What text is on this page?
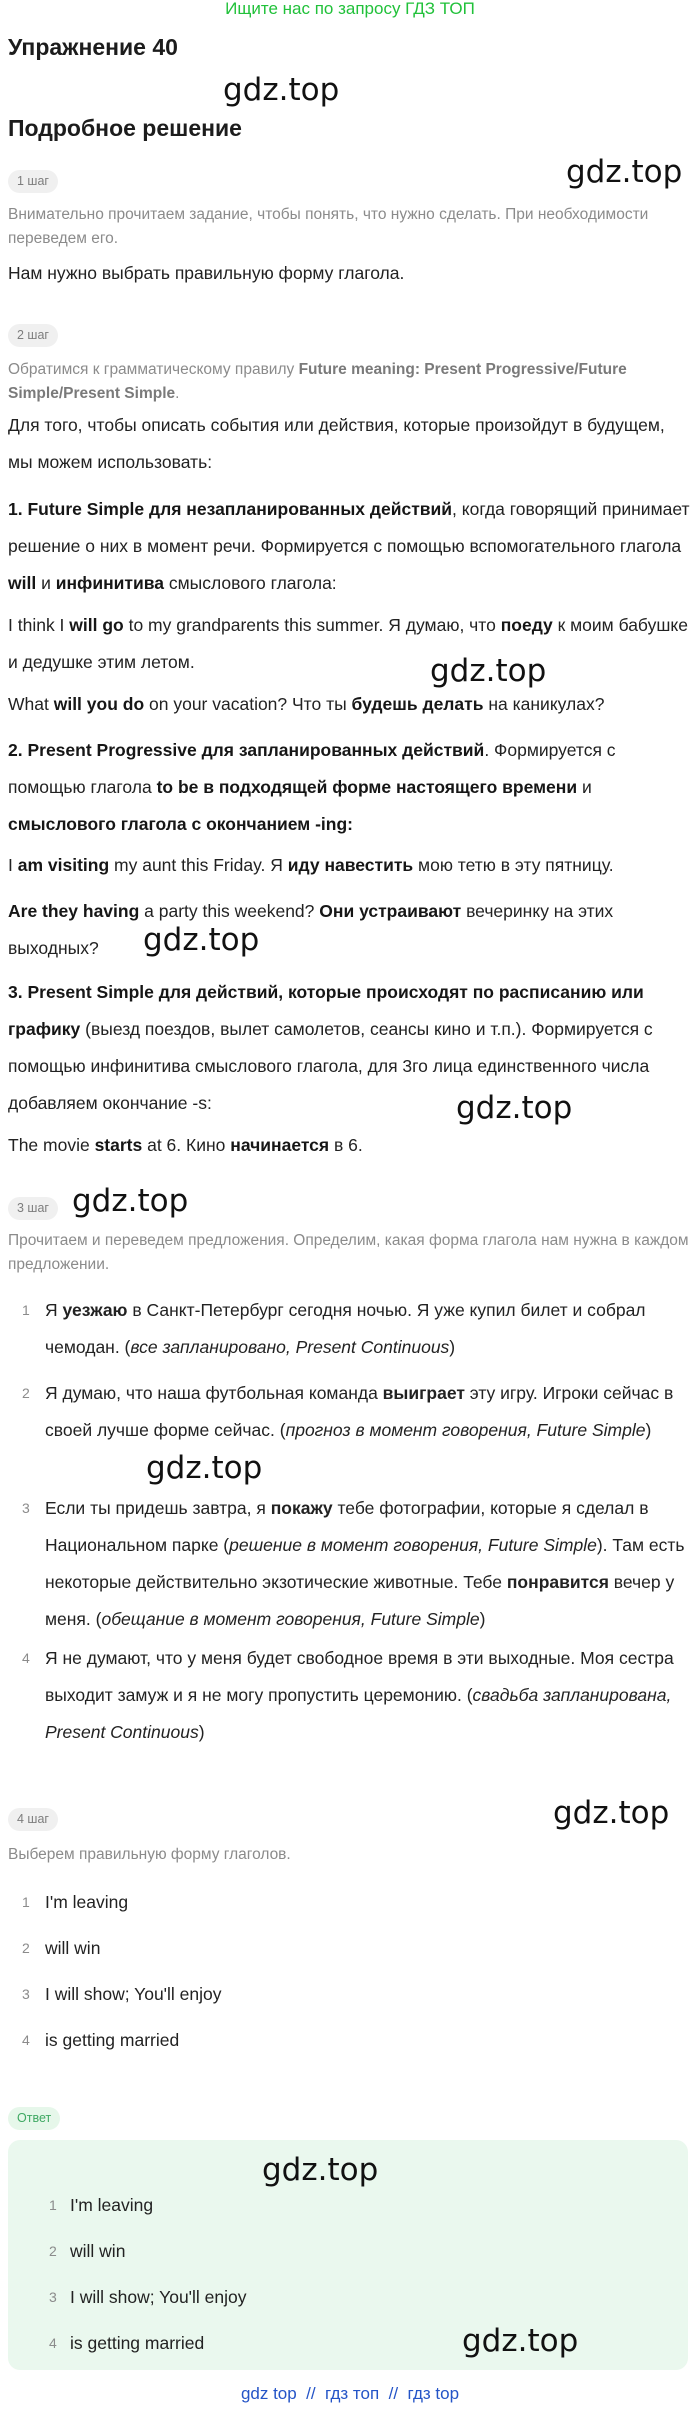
Ищите нас по запросу ГДЗ ТОП
Упражнение 40
gdz.top
Подробное решение
gdz.top
1 шаг
Внимательно прочитаем задание, чтобы понять, что нужно сделать. При необходимости переведем его.
Нам нужно выбрать правильную форму глагола.
2 шаг
Обратимся к грамматическому правилу Future meaning: Present Progressive/Future Simple/Present Simple.
Для того, чтобы описать события или действия, которые произойдут в будущем, мы можем использовать:
1. Future Simple для незапланированных действий, когда говорящий принимает решение о них в момент речи. Формируется с помощью вспомогательного глагола will и инфинитива смыслового глагола:
I think I will go to my grandparents this summer. Я думаю, что поеду к моим бабушке и дедушке этим летом.	gdz.top
What will you do on your vacation? Что ты будешь делать на каникулах?
2. Present Progressive для запланированных действий. Формируется с помощью глагола to be в подходящей форме настоящего времени и смыслового глагола с окончанием -ing:
I am visiting my aunt this Friday. Я иду навестить мою тетю в эту пятницу.
Are they having a party this weekend? Они устраивают вечеринку на этих выходных?	gdz.top
3. Present Simple для действий, которые происходят по расписанию или графику (выезд поездов, вылет самолетов, сеансы кино и т.п.). Формируется с помощью инфинитива смыслового глагола, для 3го лица единственного числа добавляем окончание -s:	gdz.top
The movie starts at 6. Кино начинается в 6.
3 шаг gdz.top
Прочитаем и переведем предложения. Определим, какая форма глагола нам нужна в каждом предложении.
1 Я уезжаю в Санкт-Петербург сегодня ночью. Я уже купил билет и собрал чемодан. (все запланировано, Present Continuous)
2 Я думаю, что наша футбольная команда выиграет эту игру. Игроки сейчас в своей лучше форме сейчас. (прогноз в момент говорения, Future Simple)
gdz.top
3 Если ты придешь завтра, я покажу тебе фотографии, которые я сделал в Национальном парке (решение в момент говорения, Future Simple). Там есть некоторые действительно экзотические животные. Тебе понравится вечер у меня. (обещание в момент говорения, Future Simple)
4 Я не думают, что у меня будет свободное время в эти выходные. Моя сестра выходит замуж и я не могу пропустить церемонию. (свадьба запланирована, Present Continuous)
gdz.top
4 шаг
Выберем правильную форму глаголов.
1 I'm leaving
2 will win
3 I will show; You'll enjoy
4 is getting married
Ответ
gdz.top
1 I'm leaving
2 will win
3 I will show; You'll enjoy
4 is getting married	gdz.top
gdz top  //  гдз топ  //  гдз top
